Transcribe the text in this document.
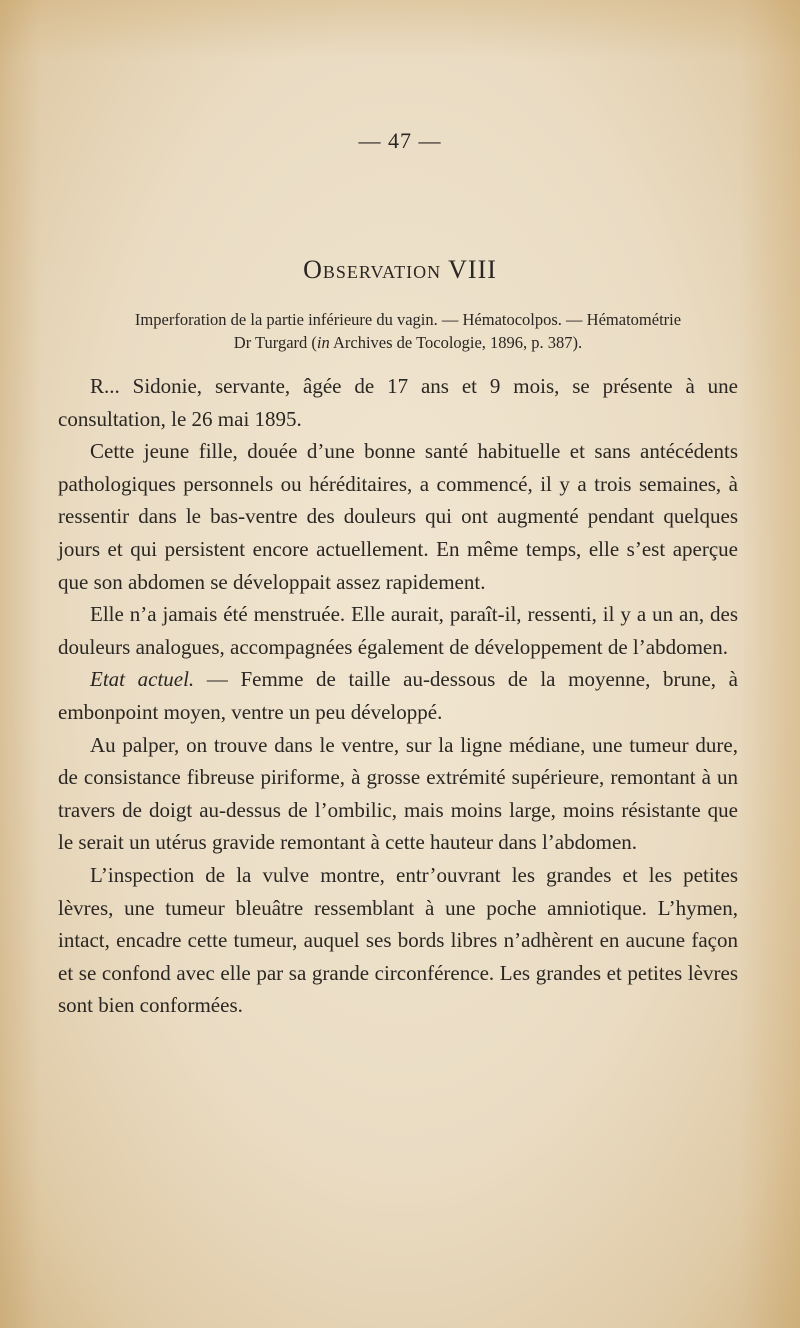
— 47 —
Observation VIII
Imperforation de la partie inférieure du vagin. — Hématocolpos. — Hématométrie
Dr Turgard (in Archives de Tocologie, 1896, p. 387).

R... Sidonie, servante, âgée de 17 ans et 9 mois, se présente à une consultation, le 26 mai 1895.

Cette jeune fille, douée d’une bonne santé habituelle et sans antécédents pathologiques personnels ou héréditaires, a commencé, il y a trois semaines, à ressentir dans le bas-ventre des douleurs qui ont augmenté pendant quelques jours et qui persistent encore actuellement. En même temps, elle s’est aperçue que son abdomen se développait assez rapidement.

Elle n’a jamais été menstruée. Elle aurait, paraît-il, ressenti, il y a un an, des douleurs analogues, accompagnées également de développement de l’abdomen.

Etat actuel. — Femme de taille au-dessous de la moyenne, brune, à embonpoint moyen, ventre un peu développé.

Au palper, on trouve dans le ventre, sur la ligne médiane, une tumeur dure, de consistance fibreuse piriforme, à grosse extrémité supérieure, remontant à un travers de doigt au-dessus de l’ombilic, mais moins large, moins résistante que le serait un utérus gravide remontant à cette hauteur dans l’abdomen.

L’inspection de la vulve montre, entr’ouvrant les grandes et les petites lèvres, une tumeur bleuâtre ressemblant à une poche amniotique. L’hymen, intact, encadre cette tumeur, auquel ses bords libres n’adhèrent en aucune façon et se confond avec elle par sa grande circonférence. Les grandes et petites lèvres sont bien conformées.
